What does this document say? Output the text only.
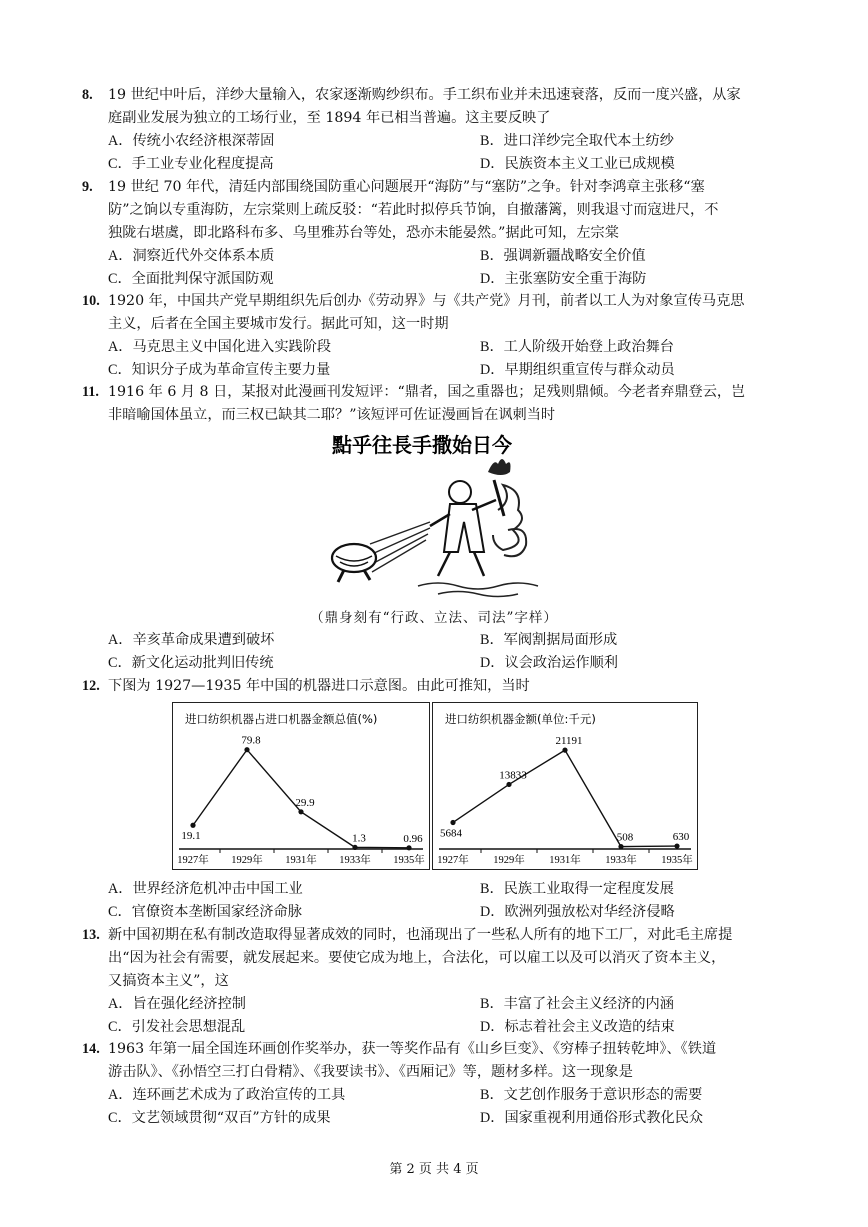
8. 19 世纪中叶后，洋纱大量输入，农家逐渐购纱织布。手工织布业并未迅速衰落，反而一度兴盛，从家
庭副业发展为独立的工场行业，至 1894 年已相当普遍。这主要反映了
A．传统小农经济根深蒂固	B．进口洋纱完全取代本土纺纱
C．手工业专业化程度提高	D．民族资本主义工业已成规模
9. 19 世纪 70 年代，清廷内部围绕国防重心问题展开“海防”与“塞防”之争。针对李鸿章主张移“塞
防”之饷以专重海防，左宗棠则上疏反驳：“若此时拟停兵节饷，自撤藩篱，则我退寸而寇进尺，不
独陇右堪虞，即北路科布多、乌里雅苏台等处，恐亦未能晏然。”据此可知，左宗棠
A．洞察近代外交体系本质	B．强调新疆战略安全价值
C．全面批判保守派国防观	D．主张塞防安全重于海防
10. 1920 年，中国共产党早期组织先后创办《劳动界》与《共产党》月刊，前者以工人为对象宣传马克思
主义，后者在全国主要城市发行。据此可知，这一时期
A．马克思主义中国化进入实践阶段	B．工人阶级开始登上政治舞台
C．知识分子成为革命宣传主要力量	D．早期组织重宣传与群众动员
11. 1916 年 6 月 8 日，某报对此漫画刊发短评：“鼎者，国之重器也；足残则鼎倾。今老者弃鼎登云，岂
非暗喻国体虽立，而三权已缺其二耶？”该短评可佐证漫画旨在讽刺当时
點乎往長手撒始日今
（鼎身刻有“行政、立法、司法”字样）
A．辛亥革命成果遭到破坏	B．军阀割据局面形成
C．新文化运动批判旧传统	D．议会政治运作顺利
12. 下图为 1927—1935 年中国的机器进口示意图。由此可推知，当时
进口纺织机器占进口机器金额总值(%)
19.1
1927年
79.8
1929年
29.9
1931年
1.3
1933年
0.96
1935年
进口纺织机器金额(单位:千元)
5684
1927年
13833
1929年
21191
1931年
508
1933年
630
1935年
A．世界经济危机冲击中国工业	B．民族工业取得一定程度发展
C．官僚资本垄断国家经济命脉	D．欧洲列强放松对华经济侵略
13. 新中国初期在私有制改造取得显著成效的同时，也涌现出了一些私人所有的地下工厂，对此毛主席提
出“因为社会有需要，就发展起来。要使它成为地上，合法化，可以雇工以及可以消灭了资本主义，
又搞资本主义”，这
A．旨在强化经济控制	B．丰富了社会主义经济的内涵
C．引发社会思想混乱	D．标志着社会主义改造的结束
14. 1963 年第一届全国连环画创作奖举办，获一等奖作品有《山乡巨变》、《穷棒子扭转乾坤》、《铁道
游击队》、《孙悟空三打白骨精》、《我要读书》、《西厢记》等，题材多样。这一现象是
A．连环画艺术成为了政治宣传的工具	B．文艺创作服务于意识形态的需要
C．文艺领域贯彻“双百”方针的成果	D．国家重视利用通俗形式教化民众
第 2 页 共 4 页
